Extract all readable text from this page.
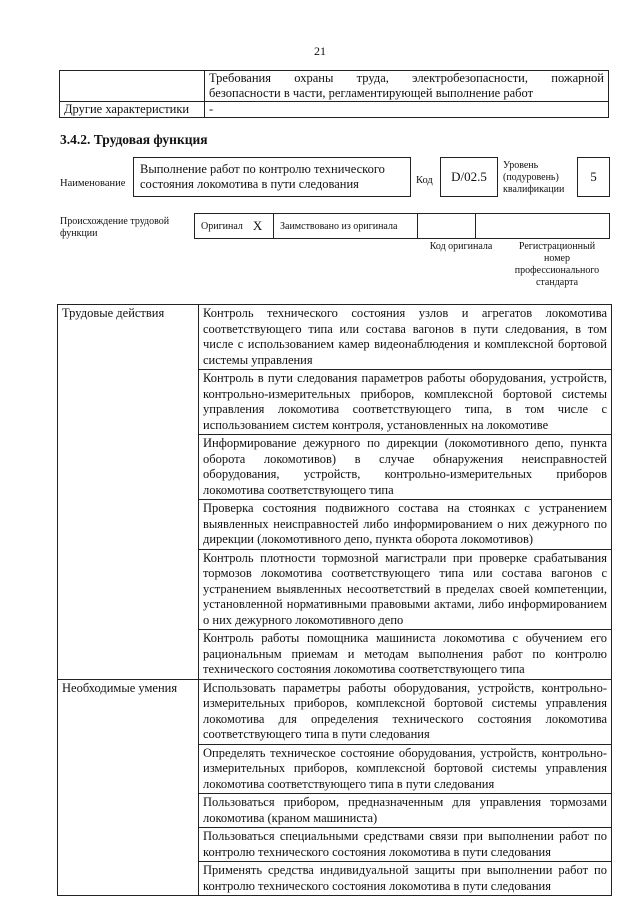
21

	Требования охраны труда, электробезопасности, пожарной
безопасности в части, регламентирующей выполнение работ
Другие характеристики	-
3.4.2. Трудовая функция
Наименование
Выполнение работ по контролю технического состояния локомотива в пути следования	Код D/02.5
Уровень
(подуровень)
квалификации
5
Происхождение трудовой функции
Оригинал X Заимствовано из оригинала
Код оригинала	Регистрационный номер профессионального стандарта
Трудовые действия	Контроль технического состояния узлов и агрегатов локомотива соответствующего типа или состава вагонов в пути следования, в том числе с использованием камер видеонаблюдения и комплексной бортовой системы управления
	Контроль в пути следования параметров работы оборудования, устройств, контрольно-измерительных приборов, комплексной бортовой системы управления локомотива соответствующего типа, в том числе с использованием систем контроля, установленных на локомотиве
	Информирование дежурного по дирекции (локомотивного депо, пункта оборота локомотивов) в случае обнаружения неисправностей оборудования, устройств, контрольно-измерительных приборов локомотива соответствующего типа
	Проверка состояния подвижного состава на стоянках с устранением выявленных неисправностей либо информированием о них дежурного по дирекции (локомотивного депо, пункта оборота локомотивов)
	Контроль плотности тормозной магистрали при проверке срабатывания тормозов локомотива соответствующего типа или состава вагонов с устранением выявленных несоответствий в пределах своей компетенции, установленной нормативными правовыми актами, либо информированием о них дежурного локомотивного депо
	Контроль работы помощника машиниста локомотива с обучением его рациональным приемам и методам выполнения работ по контролю технического состояния локомотива соответствующего типа
Необходимые умения	Использовать параметры работы оборудования, устройств, контрольно-измерительных приборов, комплексной бортовой системы управления локомотива для определения технического состояния локомотива соответствующего типа в пути следования
	Определять техническое состояние оборудования, устройств, контрольно-измерительных приборов, комплексной бортовой системы управления локомотива соответствующего типа в пути следования
	Пользоваться прибором, предназначенным для управления тормозами локомотива (краном машиниста)
	Пользоваться специальными средствами связи при выполнении работ по контролю технического состояния локомотива в пути следования
	Применять средства индивидуальной защиты при выполнении работ по контролю технического состояния локомотива в пути следования
